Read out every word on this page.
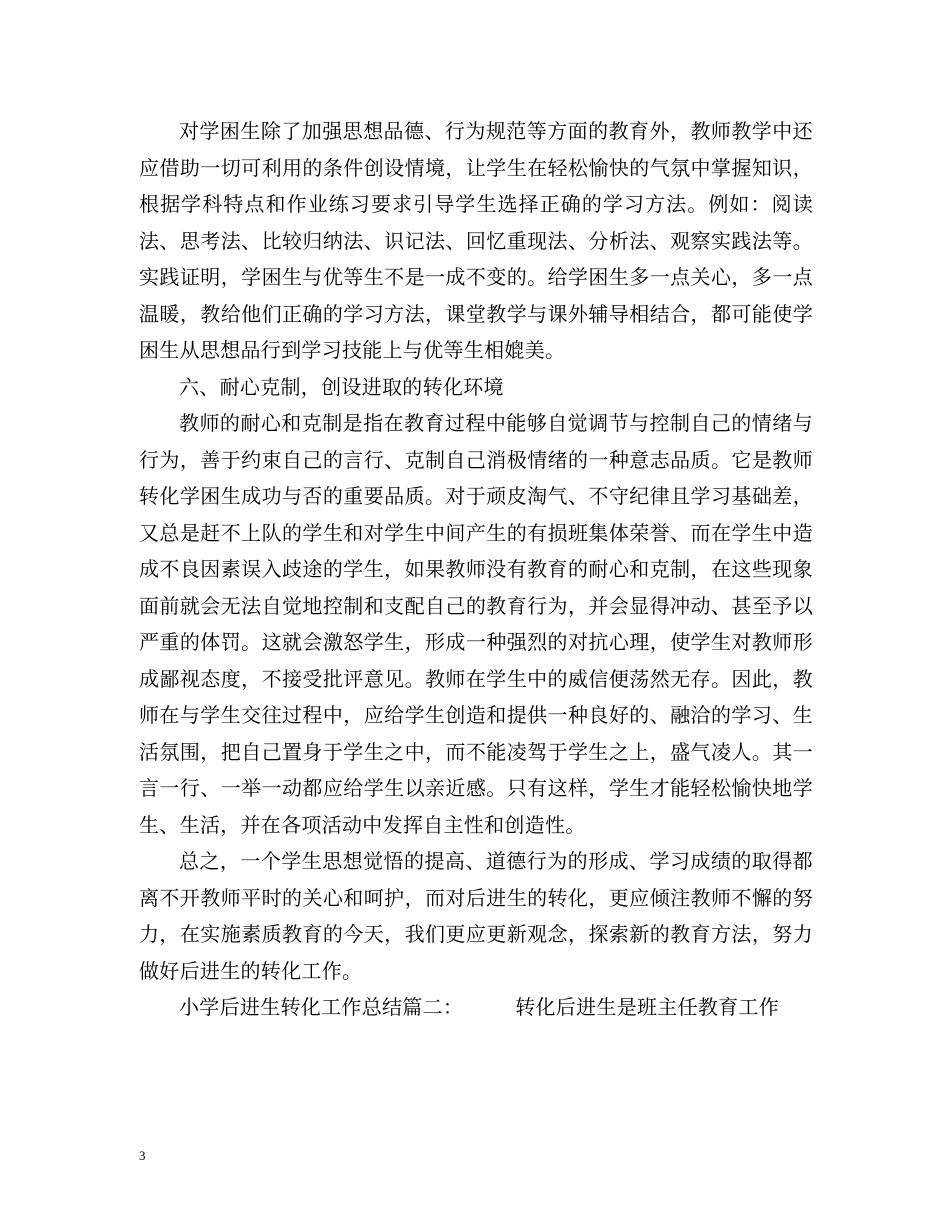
对学困生除了加强思想品德、行为规范等方面的教育外，教师教学中还应借助一切可利用的条件创设情境，让学生在轻松愉快的气氛中掌握知识，根据学科特点和作业练习要求引导学生选择正确的学习方法。例如：阅读法、思考法、比较归纳法、识记法、回忆重现法、分析法、观察实践法等。 实践证明，学困生与优等生不是一成不变的。给学困生多一点关心，多一点温暖，教给他们正确的学习方法，课堂教学与课外辅导相结合，都可能使学困生从思想品行到学习技能上与优等生相媲美。

六、耐心克制，创设进取的转化环境

教师的耐心和克制是指在教育过程中能够自觉调节与控制自己的情绪与行为，善于约束自己的言行、克制自己消极情绪的一种意志品质。它是教师转化学困生成功与否的重要品质。对于顽皮淘气、不守纪律且学习基础差，又总是赶不上队的学生和对学生中间产生的有损班集体荣誉、而在学生中造成不良因素误入歧途的学生，如果教师没有教育的耐心和克制，在这些现象面前就会无法自觉地控制和支配自己的教育行为，并会显得冲动、甚至予以严重的体罚。这就会激怒学生，形成一种强烈的对抗心理，使学生对教师形成鄙视态度，不接受批评意见。教师在学生中的威信便荡然无存。因此，教师在与学生交往过程中，应给学生创造和提供一种良好的、融洽的学习、生活氛围，把自己置身于学生之中，而不能凌驾于学生之上，盛气凌人。其一言一行、一举一动都应给学生以亲近感。只有这样，学生才能轻松愉快地学生、生活，并在各项活动中发挥自主性和创造性。

总之，一个学生思想觉悟的提高、道德行为的形成、学习成绩的取得都离不开教师平时的关心和呵护，而对后进生的转化，更应倾注教师不懈的努力，在实施素质教育的今天，我们更应更新观念，探索新的教育方法，努力做好后进生的转化工作。

小学后进生转化工作总结篇二：	转化后进生是班主任教育工作

3
